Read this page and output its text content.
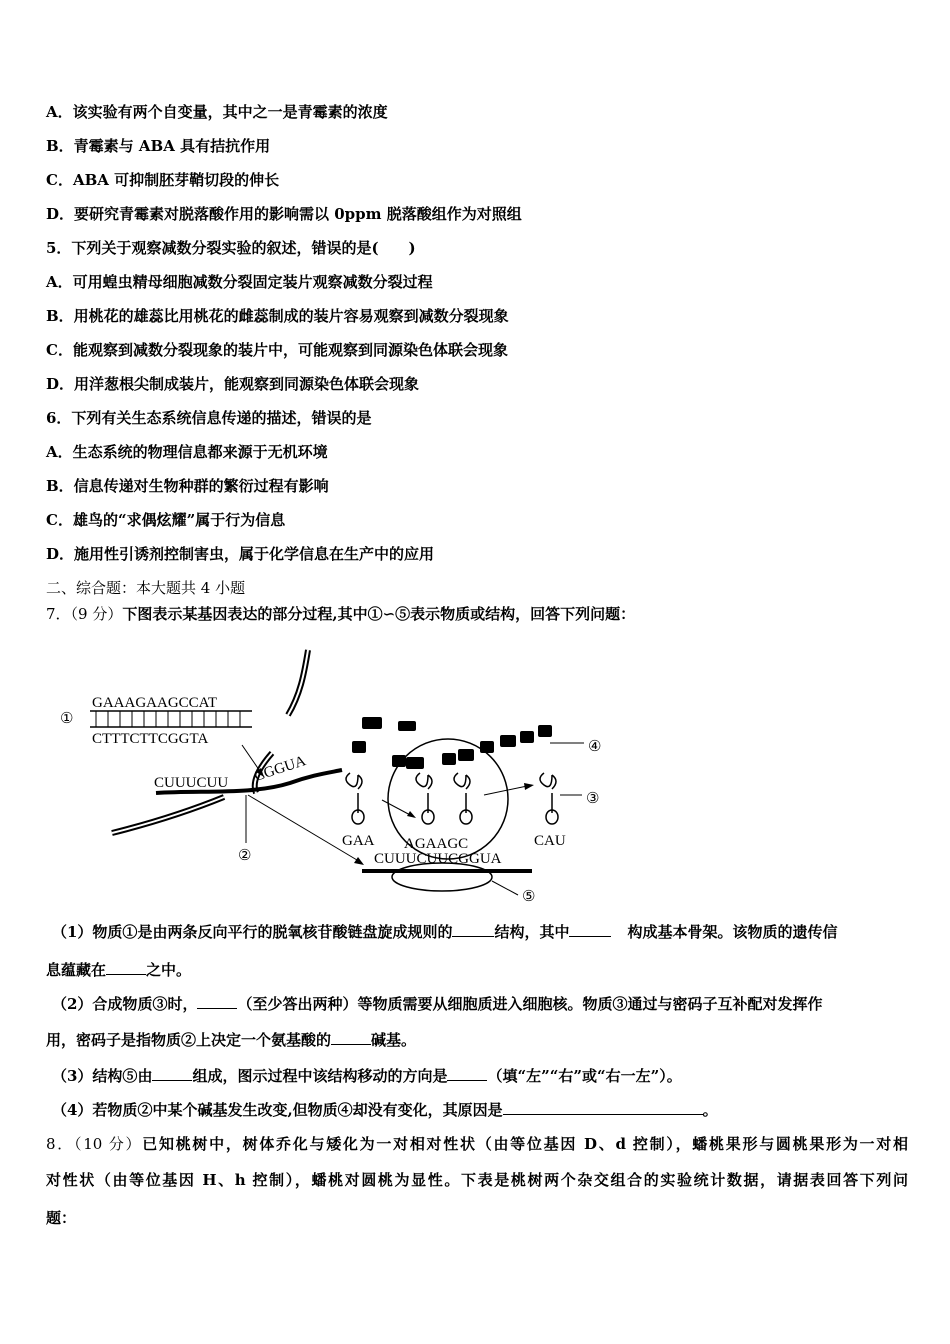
A．该实验有两个自变量，其中之一是青霉素的浓度
B．青霉素与 ABA 具有拮抗作用
C．ABA 可抑制胚芽鞘切段的伸长
D．要研究青霉素对脱落酸作用的影响需以 0ppm 脱落酸组作为对照组
5．下列关于观察减数分裂实验的叙述，错误的是(　　)
A．可用蝗虫精母细胞减数分裂固定装片观察减数分裂过程
B．用桃花的雄蕊比用桃花的雌蕊制成的装片容易观察到减数分裂现象
C．能观察到减数分裂现象的装片中，可能观察到同源染色体联会现象
D．用洋葱根尖制成装片，能观察到同源染色体联会现象
6．下列有关生态系统信息传递的描述，错误的是
A．生态系统的物理信息都来源于无机环境
B．信息传递对生物种群的繁衍过程有影响
C．雄鸟的“求偶炫耀”属于行为信息
D．施用性引诱剂控制害虫，属于化学信息在生产中的应用
二、综合题：本大题共 4 小题
7．（9 分）下图表示某基因表达的部分过程,其中①∽⑤表示物质或结构，回答下列问题：
①
GAAAGAAGCCAT
CTTTCTTCGGTA
CUUUCUU CGGUA
②	CUUUCUUCGGUA
AGAAGC
GAA	CAU
④
③
⑤
（1）物质①是由两条反向平行的脱氧核苷酸链盘旋成规则的	结构，其中	构成基本骨架。该物质的遗传信
息蕴藏在	之中。
（2）合成物质③时，	（至少答出两种）等物质需要从细胞质进入细胞核。物质③通过与密码子互补配对发挥作
用，密码子是指物质②上决定一个氨基酸的	碱基。
（3）结构⑤由	组成，图示过程中该结构移动的方向是	（填“左”“右”或“右一左”）。
（4）若物质②中某个碱基发生改变,但物质④却没有变化，其原因是	。
8．（10 分）已知桃树中，树体乔化与矮化为一对相对性状（由等位基因 D、d 控制），蟠桃果形与圆桃果形为一对相
对性状（由等位基因 H、h 控制），蟠桃对圆桃为显性。下表是桃树两个杂交组合的实验统计数据，请据表回答下列问
题：
